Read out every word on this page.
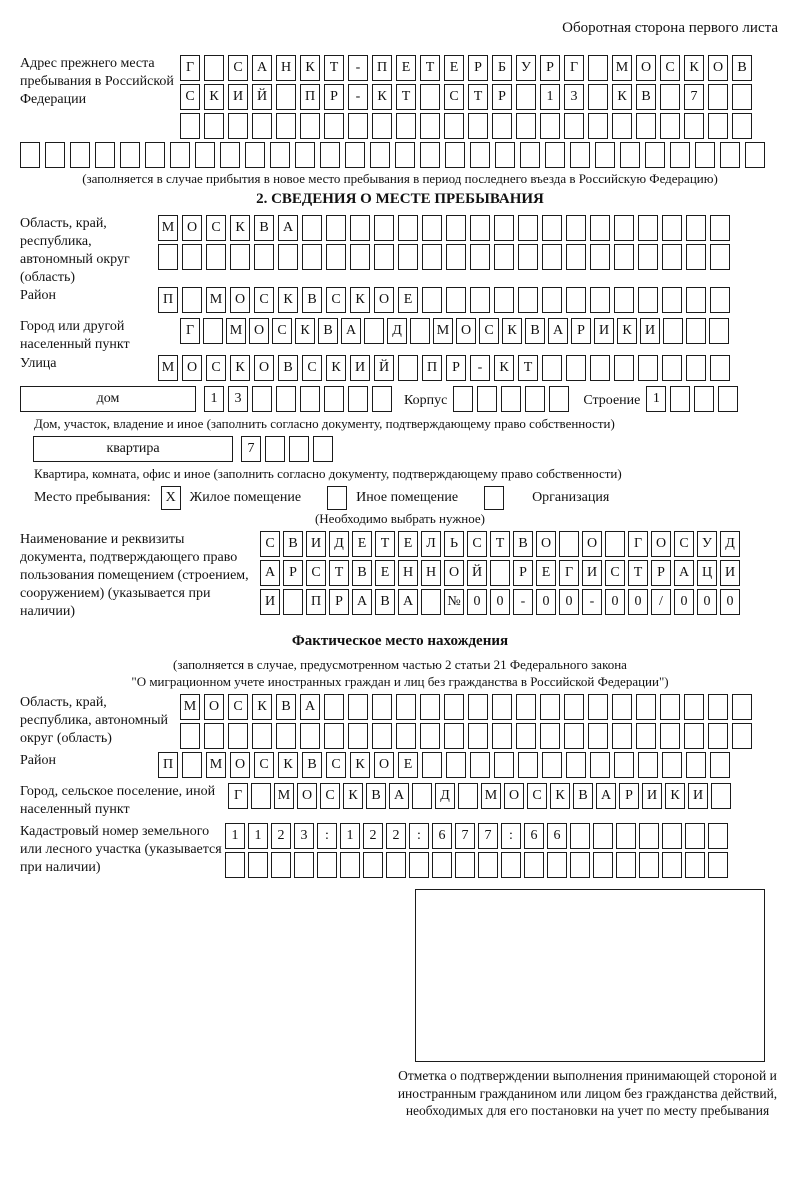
Оборотная сторона первого листа
Адрес прежнего места пребывания в Российской Федерации
Г	С	А Н	К	Т	-	П	Е	Т	Е	Р	Б	У	Р	Г	М О	С	К	О	В
С	К	И Й	П	Р	-	К	Т	С	Т	Р	1	3	К	В	7
(заполняется в случае прибытия в новое место пребывания в период последнего въезда в Российскую Федерацию)
2. СВЕДЕНИЯ О МЕСТЕ ПРЕБЫВАНИЯ
Область, край, республика, автономный округ (область)
М О	С	К	В	А
Район	П	М О	С	К	В	С	К	О	Е
Город или другой населенный пункт
Г	М О С К В А	Д	М О С К В А	Р	И К И
Улица	М О	С	К	О	В	С	К	И Й	П	Р	-	К	Т
дом	1	3	Корпус	Строение 1
Дом, участок, владение и иное (заполнить согласно документу, подтверждающему право собственности)
квартира	7
Квартира, комната, офис и иное (заполнить согласно документу, подтверждающему право собственности)
Место пребывания:	X Жилое помещение	Иное помещение	Организация
(Необходимо выбрать нужное)
Наименование и реквизиты документа, подтверждающего право пользования помещением (строением, сооружением) (указывается при наличии)
С В И Д Е	Т	Е Л	Ь	С	Т	В О	О	Г О С У Д
А	Р	С	Т	В	Е Н Н О Й	Р	Е	Г И С	Т	Р	А Ц И
И	П	Р	А В А	№ 0	0	-	0	0	-	0	0	/	0	0	0
Фактическое место нахождения
(заполняется в случае, предусмотренном частью 2 статьи 21 Федерального закона
"О миграционном учете иностранных граждан и лиц без гражданства в Российской Федерации")
Область, край, республика, автономный округ (область)
М О	С	К	В	А
Район	П	М О	С	К	В	С	К	О	Е
Город, сельское поселение, иной населенный пункт
Г	М О С К В А	Д	М О С К В А	Р	И К И
Кадастровый номер земельного или лесного участка (указывается при наличии)
1	1	2	3	:	1	2	2	:	6	7	7	:	6	6
Отметка о подтверждении выполнения принимающей стороной и иностранным гражданином или лицом без гражданства действий, необходимых для его постановки на учет по месту пребывания
